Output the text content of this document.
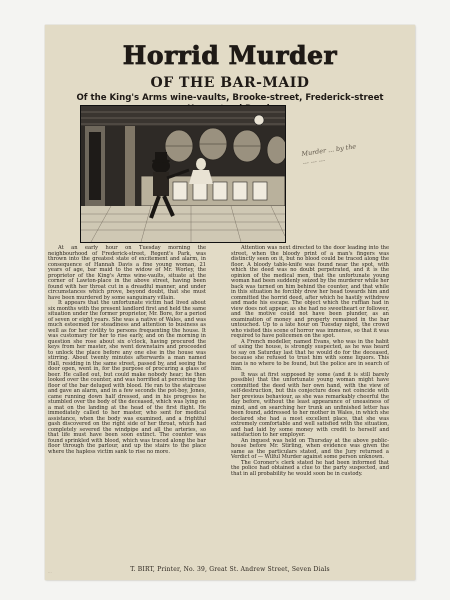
Horrid Murder
OF THE BAR-MAID
Of the King's Arms wine-vaults, Brooke-street, Frederick-street
Murder ... by the ... ... ...

At an early hour on Tuesday morning the neighbourhood of Frederick-street, Regent's Park, was thrown into the greatest state of excitement and alarm, in consequence of Hannah Davis a fine young woman, 21 years of age, bar maid to the widow of Mr. Worley, the proprietor of the King's Arms wine-vaults, situate at the corner of Lawton-place in the above street, having been found with her throat cut in a dreadful manner, and under circumstances which prove, beyond doubt, that she must have been murdered by some sanguinary villain.

It appears that the unfortunate victim had lived about six months with the present landlord first and held the same situation under the former proprietor, Mr. Bore, for a period of seven or eight years. She was a native of Wales, and was much esteemed for steadiness and attention to business as well as for her civility to persons frequenting the house. It was customary for her to rise early, and on the morning in question she rose about six o'clock, having procured the keys from her master, she went downstairs and proceeded to unlock the place before any one else in the house was stirring. About twenty minutes afterwards a man named Hall, residing in the same street, passed by, and seeing the door open, went in, for the purpose of procuring a glass of beer. He called out, but could make nobody hear; he then looked over the counter, and was horrified at perceiving the floor of the bar deluged with blood. He ran to the staircase and gave an alarm, and in a few seconds the pot-boy, Jones, came running down half dressed, and in his progress he stumbled over the body of the deceased, which was lying on a mat on the landing at the head of the first flight. He immediately called to her master, who sent for medical assistance, when the body was examined, and a frightful gash discovered on the right side of her throat, which had completely severed the windpipe and all the arteries, so that life must have been soon extinct. The counter was found sprinkled with blood, which was traced along the bar floor through the parlour, and up the stairs to the place where the hapless victim sank to rise no more.

Attention was next directed to the door leading into the street, when the bloody print of a man's fingers was distinctly seen on it, but no blood could be traced along the floor. A bloody table-knife was found near the spot, with which the deed was no doubt perpetrated, and it is the opinion of the medical men, that the unfortunate young woman had been suddenly seized by the murderer while her back was turned on him behind the counter, and that while in this situation he forcibly drew her head towards him and committed the horrid deed, after which he hastily withdrew and made his escape. The object which the ruffian had in view does not appear, as she had no sweetheart or follower, and the motive could not have been plunder, as an examination of money and property remained in the bar untouched. Up to a late hour on Tuesday night, the crowd who visited this scene of horror was immense, so that it was required to have policemen on the spot.

A French modeller, named Evans, who was in the habit of using the house, is strongly suspected, as he was heard to say on Saturday last that he would do for the deceased, because she refused to trust him with some liquors. This man is no where to be found, but the police are in search of him.

It was at first supposed by some (and it is still barely possible) that the unfortunate young woman might have committed the deed with her own hand, with the view of self-destruction, but this conjecture does not coincide with her previous behaviour, as she was remarkably cheerful the day before, without the least appearance of uneasiness of mind, and on searching her trunk an unfinished letter has been found, addressed to her mother in Wales, in which she declared she had a most excellent place, that she was extremely comfortable and well satisfied with the situation, and had laid by some money with credit to herself and satisfaction to her employer.

An inquest was held on Thursday at the above public-house before Mr. Stirling, when evidence was given the same as the particulars stated, and the Jury returned a Verdict of — Wilful Murder against some person unknown.

The Coroner's clerk stated he had been informed that the police had obtained a clue to the party suspected, and that in all probability he would soon be in custody.

...	T. BIRT, Printer, No. 39, Great St. Andrew Street, Seven Dials
